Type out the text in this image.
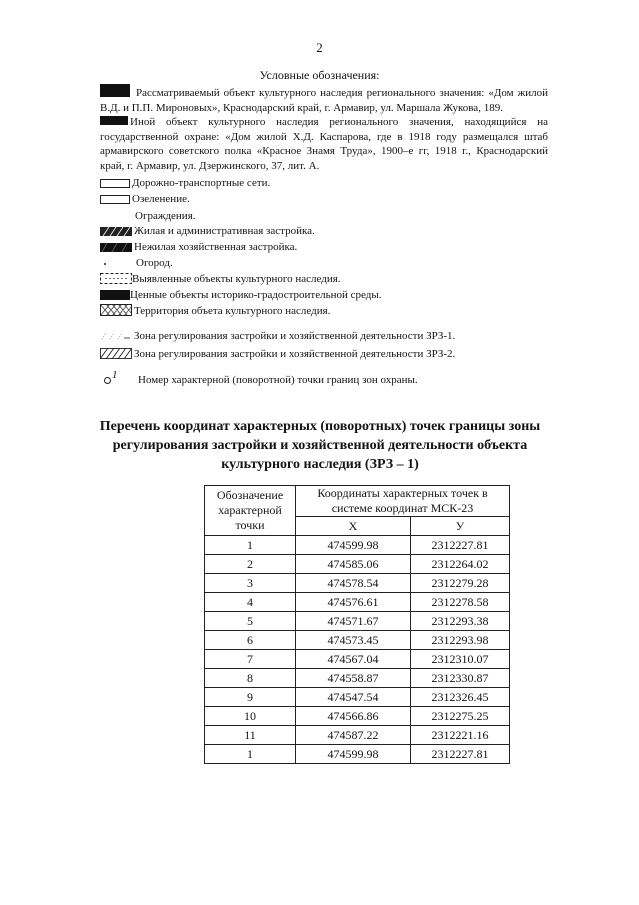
2
Условные обозначения:
Рассматриваемый объект культурного наследия регионального значения: «Дом жилой В.Д. и П.П. Мироновых», Краснодарский край, г. Армавир, ул. Маршала Жукова, 189.
Иной объект культурного наследия регионального значения, находящийся на государственной охране: «Дом жилой Х.Д. Каспарова, где в 1918 году размещался штаб армавирского советского полка «Красное Знамя Труда», 1900–е гг, 1918 г., Краснодарский край, г. Армавир, ул. Дзержинского, 37, лит. А.
Дорожно-транспортные сети.
Озеленение.
Ограждения.
Жилая и административная застройка.
Нежилая хозяйственная застройка.
Огород.
Выявленные объекты культурного наследия.
Ценные объекты историко-градостроительной среды.
Территория объета культурного наследия.
Зона регулирования застройки и хозяйственной деятельности ЗРЗ-1.
Зона регулирования застройки и хозяйственной деятельности ЗРЗ-2.
1 Номер характерной (поворотной) точки границ зон охраны.
Перечень координат характерных (поворотных) точек границы зоны регулирования застройки и хозяйственной деятельности объекта культурного наследия (ЗРЗ – 1)
Обозначение характерной точки	Координаты характерных точек в системе координат МСК-23	
	X	У
1	474599.98	2312227.81
2	474585.06	2312264.02
3	474578.54	2312279.28
4	474576.61	2312278.58
5	474571.67	2312293.38
6	474573.45	2312293.98
7	474567.04	2312310.07
8	474558.87	2312330.87
9	474547.54	2312326.45
10	474566.86	2312275.25
11	474587.22	2312221.16
1	474599.98	2312227.81
